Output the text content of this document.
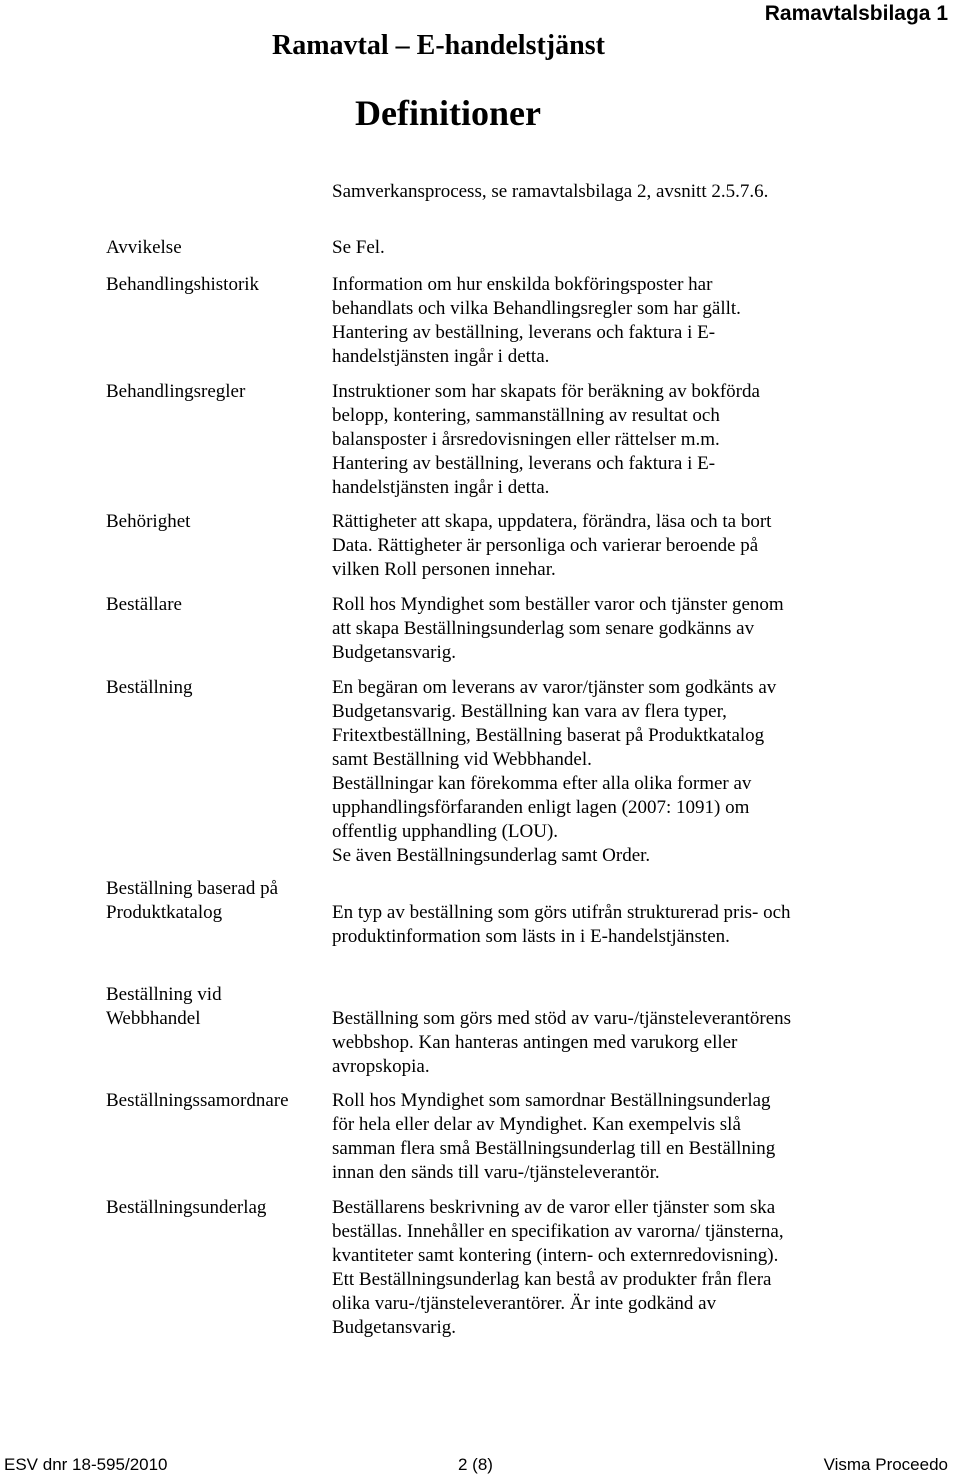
Ramavtalsbilaga 1
Ramavtal – E-handelstjänst
Definitioner
Samverkansprocess, se ramavtalsbilaga 2, avsnitt 2.5.7.6.
Avvikelse	Se Fel.

Behandlingshistorik	Information om hur enskilda bokföringsposter har behandlats och vilka Behandlingsregler som har gällt. Hantering av beställning, leverans och faktura i E-handelstjänsten ingår i detta.

Behandlingsregler	Instruktioner som har skapats för beräkning av bokförda belopp, kontering, sammanställning av resultat och balansposter i årsredovisningen eller rättelser m.m. Hantering av beställning, leverans och faktura i E-handelstjänsten ingår i detta.

Behörighet	Rättigheter att skapa, uppdatera, förändra, läsa och ta bort Data. Rättigheter är personliga och varierar beroende på vilken Roll personen innehar.

Beställare	Roll hos Myndighet som beställer varor och tjänster genom att skapa Beställningsunderlag som senare godkänns av Budgetansvarig.

Beställning	En begäran om leverans av varor/tjänster som godkänts av Budgetansvarig. Beställning kan vara av flera typer, Fritextbeställning, Beställning baserat på Produktkatalog samt Beställning vid Webbhandel.

Beställningar kan förekomma efter alla olika former av upphandlingsförfaranden enligt lagen (2007: 1091) om offentlig upphandling (LOU).

Se även Beställningsunderlag samt Order.

Beställning baserad på Produktkatalog	En typ av beställning som görs utifrån strukturerad pris- och produktinformation som lästs in i E-handelstjänsten.

Beställning vid Webbhandel	Beställning som görs med stöd av varu-/tjänsteleverantörens webbshop. Kan hanteras antingen med varukorg eller avropskopia.

Beställningssamordnare	Roll hos Myndighet som samordnar Beställningsunderlag för hela eller delar av Myndighet. Kan exempelvis slå samman flera små Beställningsunderlag till en Beställning innan den sänds till varu-/tjänsteleverantör.

Beställningsunderlag	Beställarens beskrivning av de varor eller tjänster som ska beställas. Innehåller en specifikation av varorna/ tjänsterna, kvantiteter samt kontering (intern- och externredovisning). Ett Beställningsunderlag kan bestå av produkter från flera olika varu-/tjänsteleverantörer. Är inte godkänd av Budgetansvarig.

ESV dnr 18-595/2010	2 (8)	Visma Proceedo
